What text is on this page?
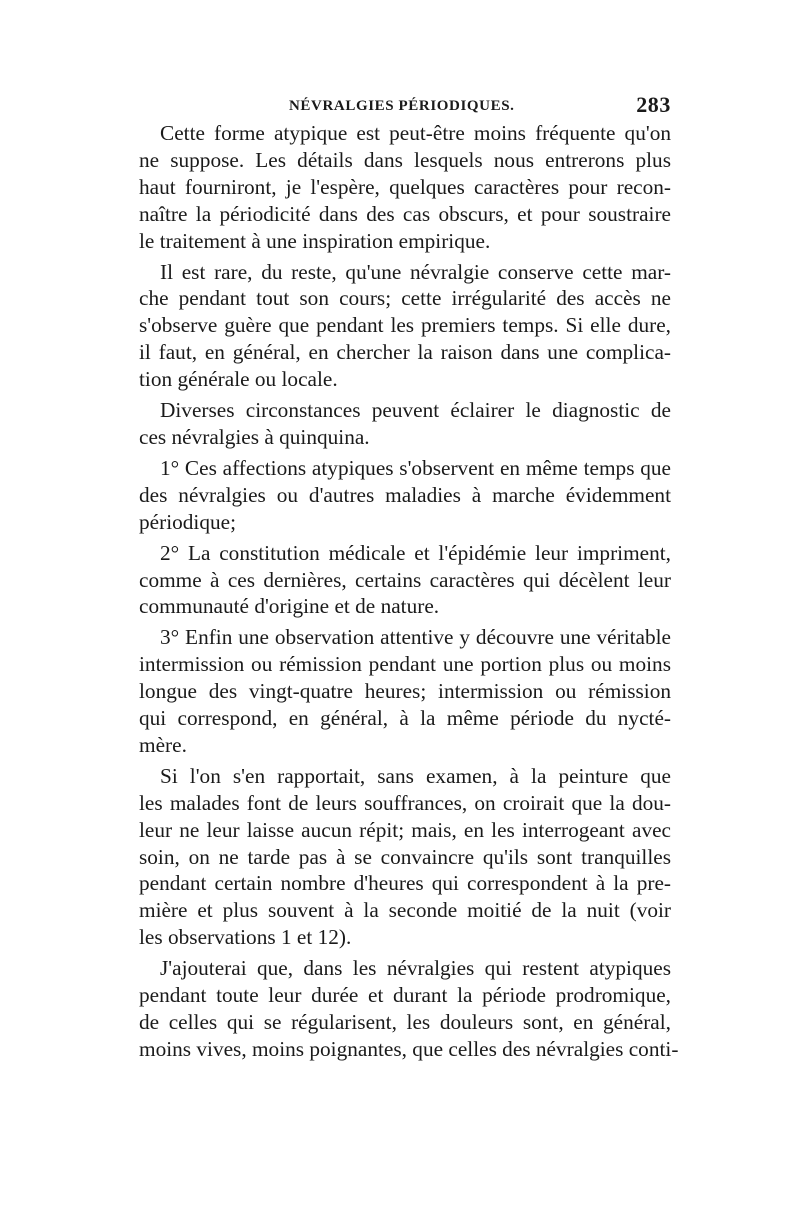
NÉVRALGIES PÉRIODIQUES.	283
Cette forme atypique est peut-être moins fréquente qu'on
ne suppose. Les détails dans lesquels nous entrerons plus
haut fourniront, je l'espère, quelques caractères pour recon-
naître la périodicité dans des cas obscurs, et pour soustraire
le traitement à une inspiration empirique.
Il est rare, du reste, qu'une névralgie conserve cette mar-
che pendant tout son cours; cette irrégularité des accès ne
s'observe guère que pendant les premiers temps. Si elle dure,
il faut, en général, en chercher la raison dans une complica-
tion générale ou locale.
Diverses circonstances peuvent éclairer le diagnostic de
ces névralgies à quinquina.
1° Ces affections atypiques s'observent en même temps que
des névralgies ou d'autres maladies à marche évidemment
périodique;
2° La constitution médicale et l'épidémie leur impriment,
comme à ces dernières, certains caractères qui décèlent leur
communauté d'origine et de nature.
3° Enfin une observation attentive y découvre une véritable
intermission ou rémission pendant une portion plus ou moins
longue des vingt-quatre heures; intermission ou rémission
qui correspond, en général, à la même période du nycté-
mère.
Si l'on s'en rapportait, sans examen, à la peinture que
les malades font de leurs souffrances, on croirait que la dou-
leur ne leur laisse aucun répit; mais, en les interrogeant avec
soin, on ne tarde pas à se convaincre qu'ils sont tranquilles
pendant certain nombre d'heures qui correspondent à la pre-
mière et plus souvent à la seconde moitié de la nuit (voir
les observations 1 et 12).
J'ajouterai que, dans les névralgies qui restent atypiques
pendant toute leur durée et durant la période prodromique,
de celles qui se régularisent, les douleurs sont, en général,
moins vives, moins poignantes, que celles des névralgies conti-
